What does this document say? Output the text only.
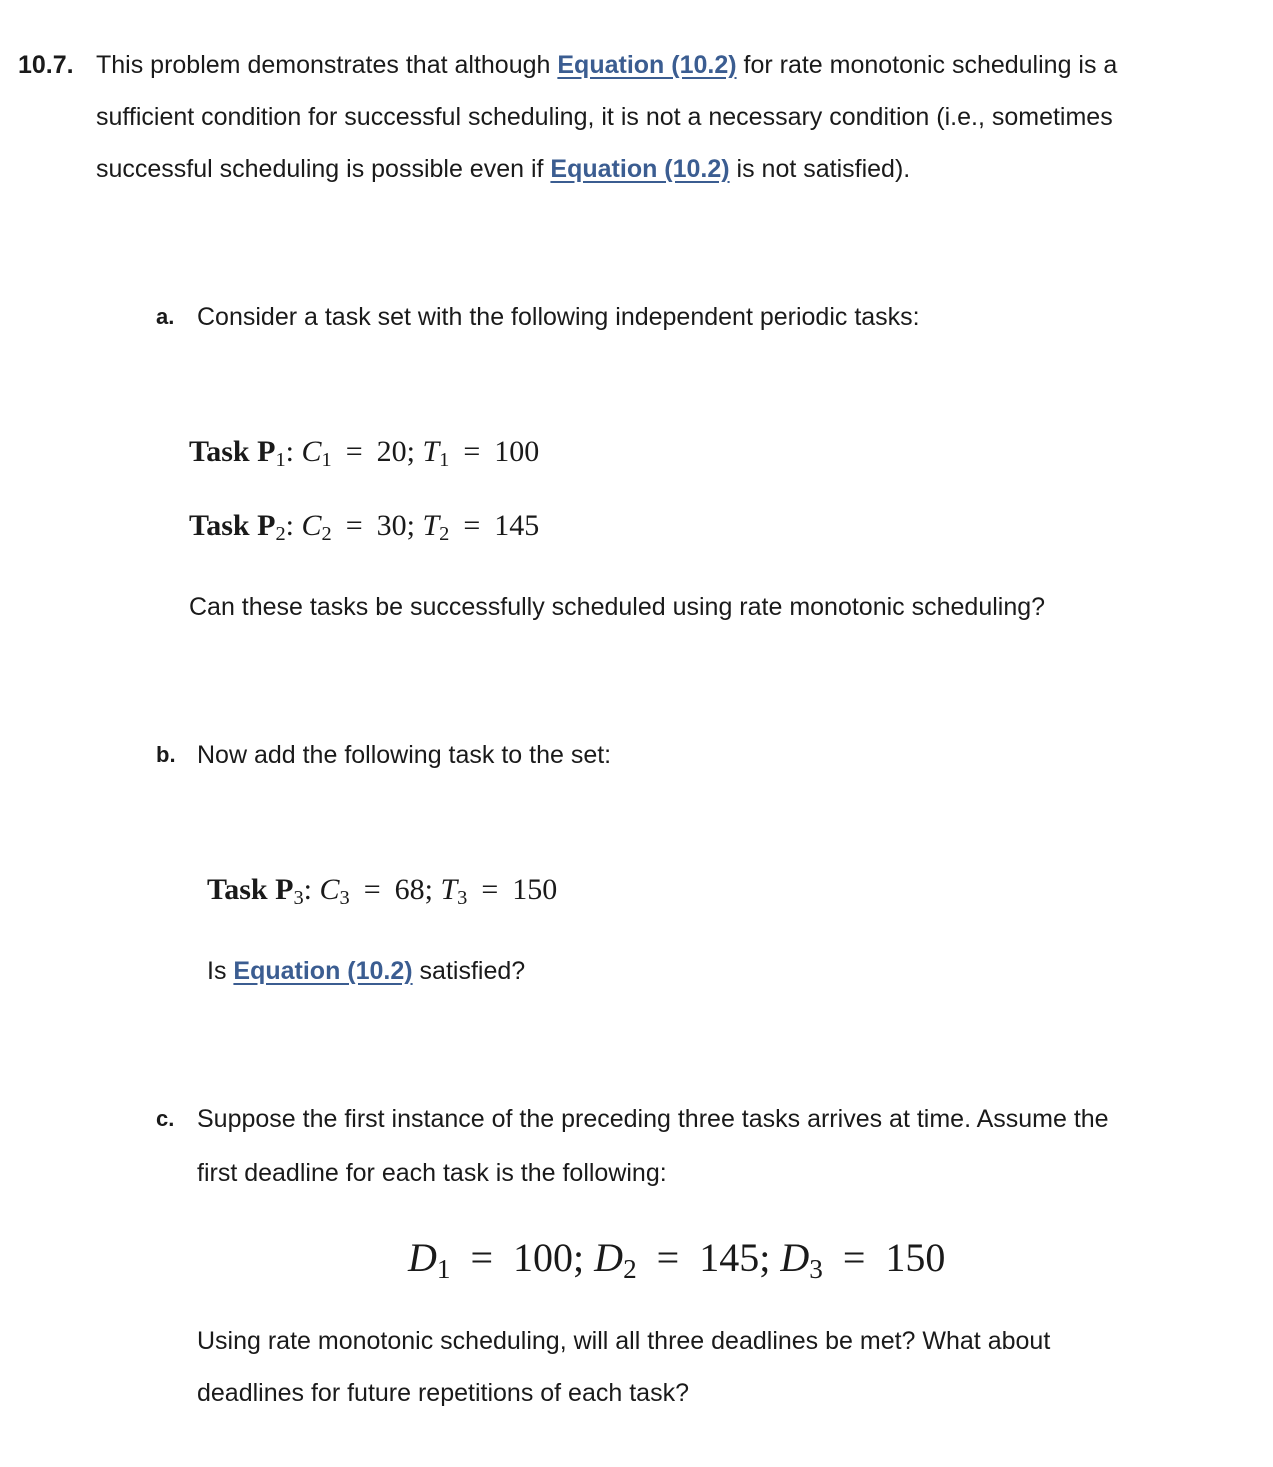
10.7. This problem demonstrates that although Equation (10.2) for rate monotonic scheduling is a
sufficient condition for successful scheduling, it is not a necessary condition (i.e., sometimes
successful scheduling is possible even if Equation (10.2) is not satisfied).
a. Consider a task set with the following independent periodic tasks:
Task $P_1$: $C_1 = 20$; $T_1 = 100$
Task $P_2$: $C_2 = 30$; $T_2 = 145$
Can these tasks be successfully scheduled using rate monotonic scheduling?
b. Now add the following task to the set:
Task $P_3$: $C_3 = 68$; $T_3 = 150$
Is Equation (10.2) satisfied?
c. Suppose the first instance of the preceding three tasks arrives at time. Assume the
first deadline for each task is the following:
$D_1 = 100$; $D_2 = 145$; $D_3 = 150$
Using rate monotonic scheduling, will all three deadlines be met? What about
deadlines for future repetitions of each task?
